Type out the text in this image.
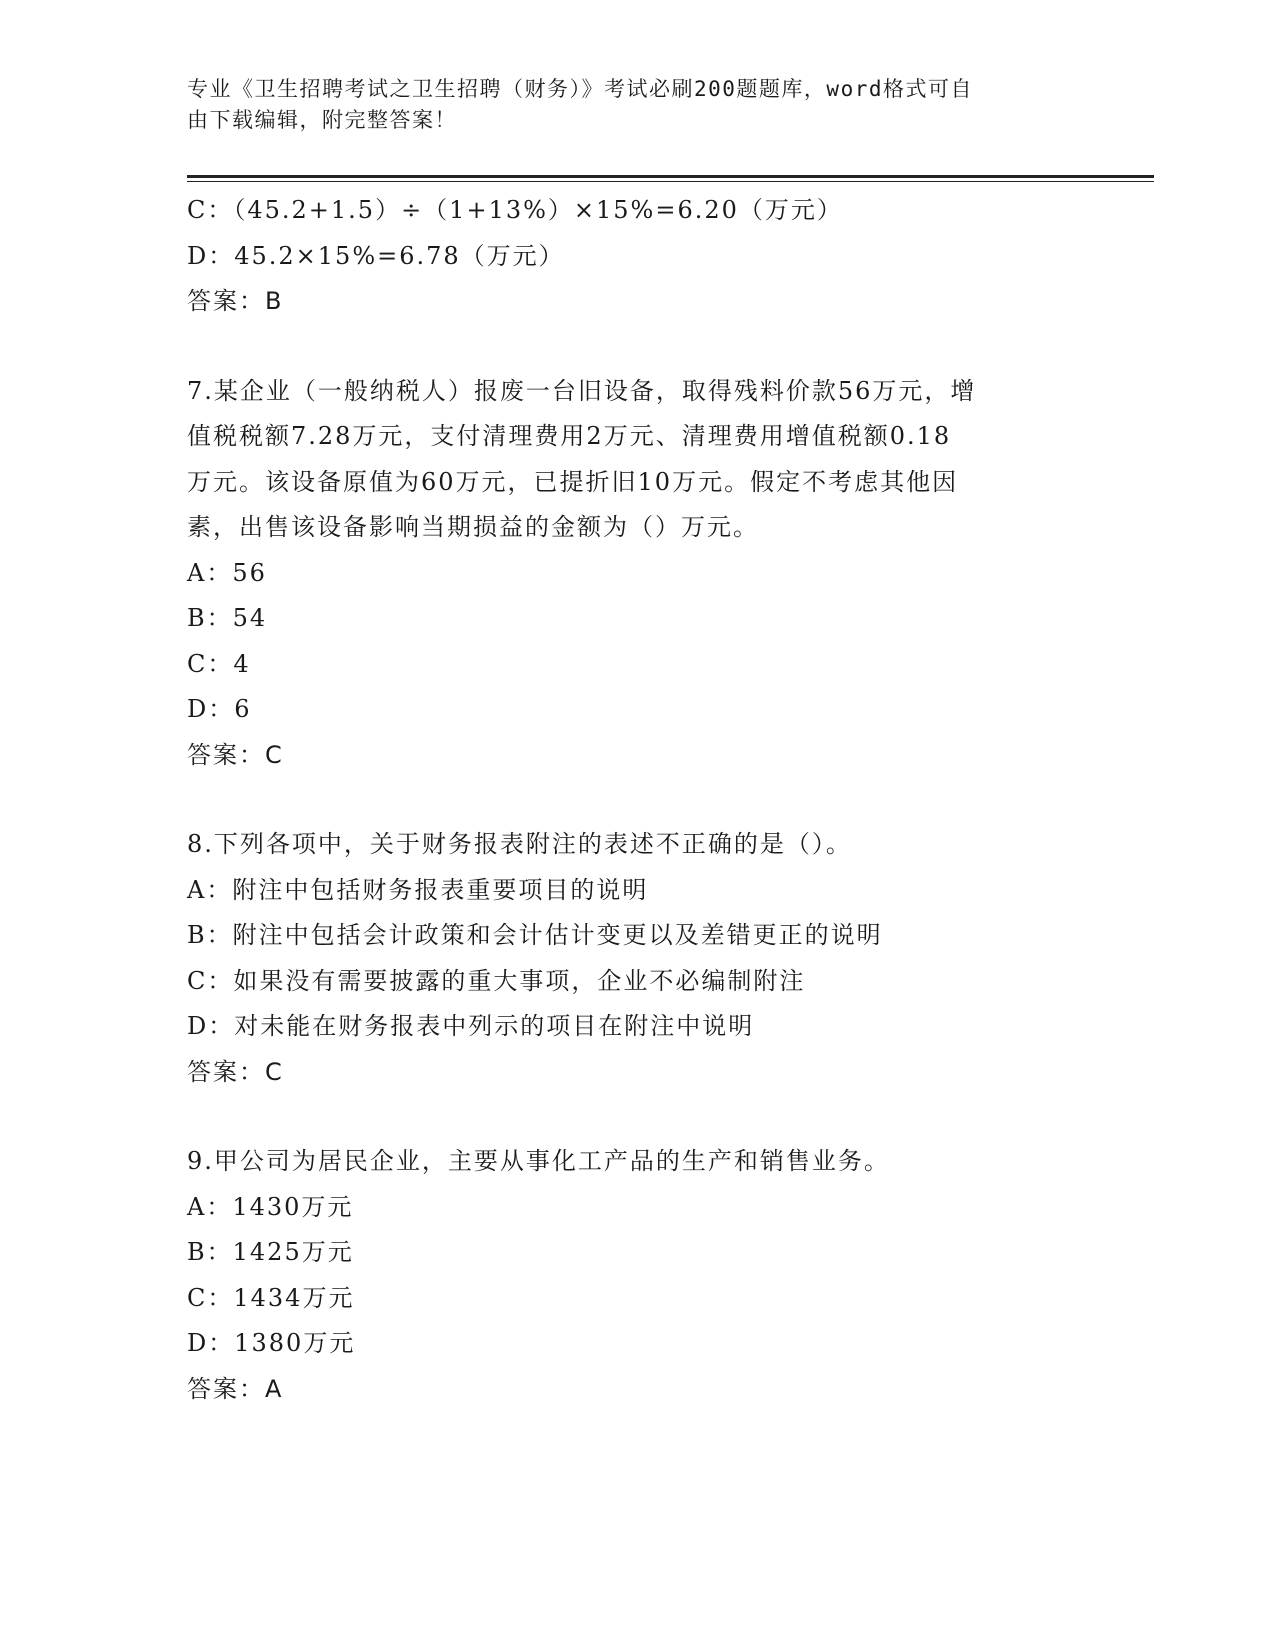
专业《卫生招聘考试之卫生招聘（财务）》考试必刷200题题库，word格式可自
由下载编辑，附完整答案！
C：（45.2+1.5）÷（1+13%）×15%=6.20（万元）
D：45.2×15%=6.78（万元）
答案：B
7.某企业（一般纳税人）报废一台旧设备，取得残料价款56万元，增
值税税额7.28万元，支付清理费用2万元、清理费用增值税额0.18
万元。该设备原值为60万元，已提折旧10万元。假定不考虑其他因
素，出售该设备影响当期损益的金额为（）万元。
A：56
B：54
C：4
D：6
答案：C
8.下列各项中，关于财务报表附注的表述不正确的是（）。
A：附注中包括财务报表重要项目的说明
B：附注中包括会计政策和会计估计变更以及差错更正的说明
C：如果没有需要披露的重大事项，企业不必编制附注
D：对未能在财务报表中列示的项目在附注中说明
答案：C
9.甲公司为居民企业，主要从事化工产品的生产和销售业务。
A：1430万元
B：1425万元
C：1434万元
D：1380万元
答案：A
